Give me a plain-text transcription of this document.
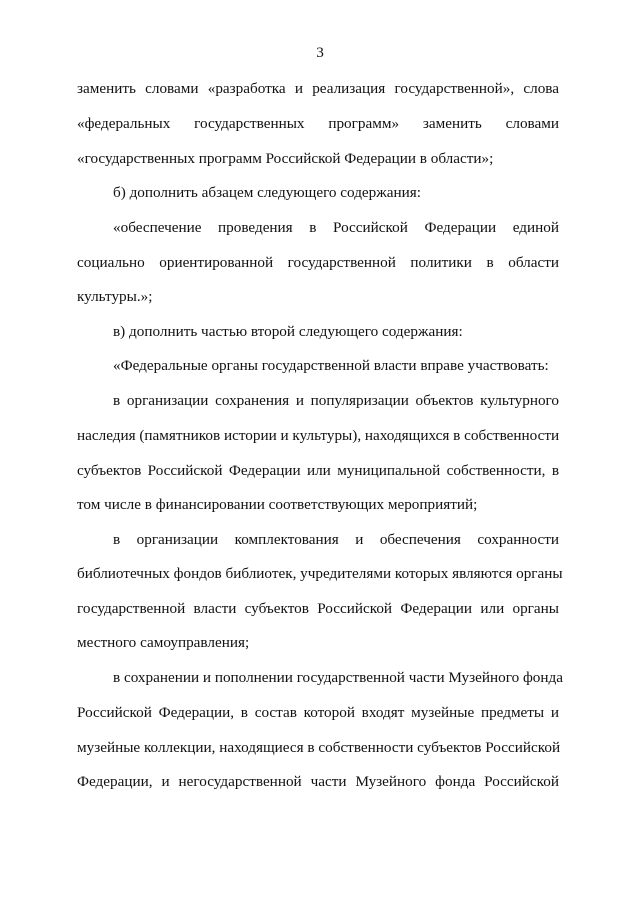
3
заменить словами «разработка и реализация государственной», слова
«федеральных государственных программ» заменить словами
«государственных программ Российской Федерации в области»;
б) дополнить абзацем следующего содержания:
«обеспечение проведения в Российской Федерации единой
социально ориентированной государственной политики в области
культуры.»;
в) дополнить частью второй следующего содержания:
«Федеральные органы государственной власти вправе участвовать:
в организации сохранения и популяризации объектов культурного
наследия (памятников истории и культуры), находящихся в собственности
субъектов Российской Федерации или муниципальной собственности, в
том числе в финансировании соответствующих мероприятий;
в организации комплектования и обеспечения сохранности
библиотечных фондов библиотек, учредителями которых являются органы
государственной власти субъектов Российской Федерации или органы
местного самоуправления;
в сохранении и пополнении государственной части Музейного фонда
Российской Федерации, в состав которой входят музейные предметы и
музейные коллекции, находящиеся в собственности субъектов Российской
Федерации, и негосударственной части Музейного фонда Российской
